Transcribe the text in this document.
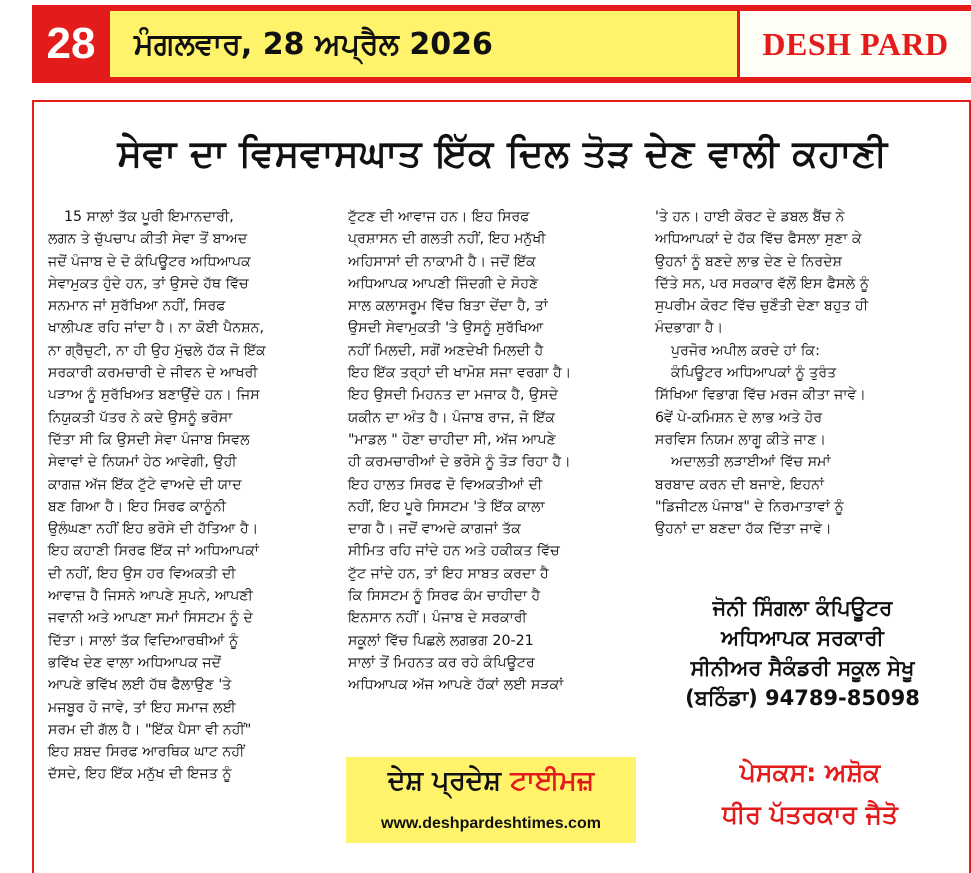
28	ਮੰਗਲਵਾਰ, 28 ਅਪ੍ਰੈਲ 2026	DESH PARD
ਸੇਵਾ ਦਾ ਵਿਸਵਾਸਘਾਤ ਇੱਕ ਦਿਲ ਤੋੜ ਦੇਣ ਵਾਲੀ ਕਹਾਣੀ

15 ਸਾਲਾਂ ਤੱਕ ਪੂਰੀ ਇਮਾਨਦਾਰੀ,

ਲਗਨ ਤੇ ਚੁੱਪਚਾਪ ਕੀਤੀ ਸੇਵਾ ਤੋਂ ਬਾਅਦ

ਜਦੋਂ ਪੰਜਾਬ ਦੇ ਦੋ ਕੰਪਿਊਟਰ ਅਧਿਆਪਕ

ਸੇਵਾਮੁਕਤ ਹੁੰਦੇ ਹਨ, ਤਾਂ ਉਸਦੇ ਹੱਥ ਵਿੱਚ

ਸਨਮਾਨ ਜਾਂ ਸੁਰੱਖਿਆ ਨਹੀਂ, ਸਿਰਫ

ਖਾਲੀਪਣ ਰਹਿ ਜਾਂਦਾ ਹੈ। ਨਾ ਕੋਈ ਪੈਨਸ਼ਨ,

ਨਾ ਗ੍ਰੈਚੁਟੀ, ਨਾ ਹੀ ਉਹ ਮੁੱਢਲੇ ਹੱਕ ਜੋ ਇੱਕ

ਸਰਕਾਰੀ ਕਰਮਚਾਰੀ ਦੇ ਜੀਵਨ ਦੇ ਆਖਰੀ

ਪੜਾਅ ਨੂੰ ਸੁਰੱਖਿਅਤ ਬਣਾਉਂਦੇ ਹਨ। ਜਿਸ

ਨਿਯੁਕਤੀ ਪੱਤਰ ਨੇ ਕਦੇ ਉਸਨੂੰ ਭਰੋਸਾ

ਦਿੱਤਾ ਸੀ ਕਿ ਉਸਦੀ ਸੇਵਾ ਪੰਜਾਬ ਸਿਵਲ

ਸੇਵਾਵਾਂ ਦੇ ਨਿਯਮਾਂ ਹੇਠ ਆਵੇਗੀ, ਉਹੀ

ਕਾਗਜ਼ ਅੱਜ ਇੱਕ ਟੁੱਟੇ ਵਾਅਦੇ ਦੀ ਯਾਦ

ਬਣ ਗਿਆ ਹੈ। ਇਹ ਸਿਰਫ ਕਾਨੂੰਨੀ

ਉਲੰਘਣਾ ਨਹੀਂ ਇਹ ਭਰੋਸੇ ਦੀ ਹੱਤਿਆ ਹੈ।

ਇਹ ਕਹਾਣੀ ਸਿਰਫ ਇੱਕ ਜਾਂ ਅਧਿਆਪਕਾਂ

ਦੀ ਨਹੀਂ, ਇਹ ਉਸ ਹਰ ਵਿਅਕਤੀ ਦੀ

ਆਵਾਜ਼ ਹੈ ਜਿਸਨੇ ਆਪਣੇ ਸੁਪਨੇ, ਆਪਣੀ

ਜਵਾਨੀ ਅਤੇ ਆਪਣਾ ਸਮਾਂ ਸਿਸਟਮ ਨੂੰ ਦੇ

ਦਿੱਤਾ। ਸਾਲਾਂ ਤੱਕ ਵਿਦਿਆਰਥੀਆਂ ਨੂੰ

ਭਵਿੱਖ ਦੇਣ ਵਾਲਾ ਅਧਿਆਪਕ ਜਦੋਂ

ਆਪਣੇ ਭਵਿੱਖ ਲਈ ਹੱਥ ਫੈਲਾਉਣ 'ਤੇ

ਮਜਬੂਰ ਹੋ ਜਾਵੇ, ਤਾਂ ਇਹ ਸਮਾਜ ਲਈ

ਸਰਮ ਦੀ ਗੱਲ ਹੈ। "ਇੱਕ ਪੈਸਾ ਵੀ ਨਹੀਂ"

ਇਹ ਸ਼ਬਦ ਸਿਰਫ ਆਰਥਿਕ ਘਾਟ ਨਹੀਂ

ਦੱਸਦੇ, ਇਹ ਇੱਕ ਮਨੁੱਖ ਦੀ ਇਜਤ ਨੂੰ

ਟੁੱਟਣ ਦੀ ਆਵਾਜ ਹਨ। ਇਹ ਸਿਰਫ

ਪ੍ਰਸ਼ਾਸਨ ਦੀ ਗਲਤੀ ਨਹੀਂ, ਇਹ ਮਨੁੱਖੀ

ਅਹਿਸਾਸਾਂ ਦੀ ਨਾਕਾਮੀ ਹੈ। ਜਦੋਂ ਇੱਕ

ਅਧਿਆਪਕ ਆਪਣੀ ਜਿੰਦਗੀ ਦੇ ਸੋਹਣੇ

ਸਾਲ ਕਲਾਸਰੂਮ ਵਿੱਚ ਬਿਤਾ ਦੇਂਦਾ ਹੈ, ਤਾਂ

ਉਸਦੀ ਸੇਵਾਮੁਕਤੀ 'ਤੇ ਉਸਨੂੰ ਸੁਰੱਖਿਆ

ਨਹੀਂ ਮਿਲਦੀ, ਸਗੋਂ ਅਣਦੇਖੀ ਮਿਲਦੀ ਹੈ

ਇਹ ਇੱਕ ਤਰ੍ਹਾਂ ਦੀ ਖਾਮੋਸ਼ ਸਜਾ ਵਰਗਾ ਹੈ।

ਇਹ ਉਸਦੀ ਮਿਹਨਤ ਦਾ ਮਜਾਕ ਹੈ, ਉਸਦੇ

ਯਕੀਨ ਦਾ ਅੰਤ ਹੈ। ਪੰਜਾਬ ਰਾਜ, ਜੋ ਇੱਕ

"ਮਾਡਲ " ਹੋਣਾ ਚਾਹੀਦਾ ਸੀ, ਅੱਜ ਆਪਣੇ

ਹੀ ਕਰਮਚਾਰੀਆਂ ਦੇ ਭਰੋਸੇ ਨੂੰ ਤੋੜ ਰਿਹਾ ਹੈ।

ਇਹ ਹਾਲਤ ਸਿਰਫ ਦੋ ਵਿਅਕਤੀਆਂ ਦੀ

ਨਹੀਂ, ਇਹ ਪੂਰੇ ਸਿਸਟਮ 'ਤੇ ਇੱਕ ਕਾਲਾ

ਦਾਗ ਹੈ। ਜਦੋਂ ਵਾਅਦੇ ਕਾਗਜਾਂ ਤੱਕ

ਸੀਮਿਤ ਰਹਿ ਜਾਂਦੇ ਹਨ ਅਤੇ ਹਕੀਕਤ ਵਿੱਚ

ਟੁੱਟ ਜਾਂਦੇ ਹਨ, ਤਾਂ ਇਹ ਸਾਬਤ ਕਰਦਾ ਹੈ

ਕਿ ਸਿਸਟਮ ਨੂੰ ਸਿਰਫ ਕੰਮ ਚਾਹੀਦਾ ਹੈ

ਇਨਸਾਨ ਨਹੀਂ। ਪੰਜਾਬ ਦੇ ਸਰਕਾਰੀ

ਸਕੂਲਾਂ ਵਿੱਚ ਪਿਛਲੇ ਲਗਭਗ 20-21

ਸਾਲਾਂ ਤੋਂ ਮਿਹਨਤ ਕਰ ਰਹੇ ਕੰਪਿਊਟਰ

ਅਧਿਆਪਕ ਅੱਜ ਆਪਣੇ ਹੱਕਾਂ ਲਈ ਸੜਕਾਂ

'ਤੇ ਹਨ। ਹਾਈ ਕੋਰਟ ਦੇ ਡਬਲ ਬੈਂਚ ਨੇ

ਅਧਿਆਪਕਾਂ ਦੇ ਹੱਕ ਵਿੱਚ ਫੈਸਲਾ ਸੁਣਾ ਕੇ

ਉਹਨਾਂ ਨੂੰ ਬਣਦੇ ਲਾਭ ਦੇਣ ਦੇ ਨਿਰਦੇਸ਼

ਦਿੱਤੇ ਸਨ, ਪਰ ਸਰਕਾਰ ਵੱਲੋਂ ਇਸ ਫੈਸਲੇ ਨੂੰ

ਸੁਪਰੀਮ ਕੋਰਟ ਵਿੱਚ ਚੁਣੌਤੀ ਦੇਣਾ ਬਹੁਤ ਹੀ

ਮੰਦਭਾਗਾ ਹੈ।

ਪੁਰਜੋਰ ਅਪੀਲ ਕਰਦੇ ਹਾਂ ਕਿ:

ਕੰਪਿਊਟਰ ਅਧਿਆਪਕਾਂ ਨੂੰ ਤੁਰੰਤ

ਸਿੱਖਿਆ ਵਿਭਾਗ ਵਿੱਚ ਮਰਜ ਕੀਤਾ ਜਾਵੇ।

6ਵੇਂ ਪੇ-ਕਮਿਸ਼ਨ ਦੇ ਲਾਭ ਅਤੇ ਹੋਰ

ਸਰਵਿਸ ਨਿਯਮ ਲਾਗੂ ਕੀਤੇ ਜਾਣ।

ਅਦਾਲਤੀ ਲੜਾਈਆਂ ਵਿੱਚ ਸਮਾਂ

ਬਰਬਾਦ ਕਰਨ ਦੀ ਬਜਾਏ, ਇਹਨਾਂ

"ਡਿਜੀਟਲ ਪੰਜਾਬ" ਦੇ ਨਿਰਮਾਤਾਵਾਂ ਨੂੰ

ਉਹਨਾਂ ਦਾ ਬਣਦਾ ਹੱਕ ਦਿੱਤਾ ਜਾਵੇ।

ਜੋਨੀ ਸਿੰਗਲਾ ਕੰਪਿਊਟਰ
ਅਧਿਆਪਕ ਸਰਕਾਰੀ
ਸੀਨੀਅਰ ਸੈਕੰਡਰੀ ਸਕੂਲ ਸੇਖੂ
(ਬਠਿੰਡਾ) 94789-85098
ਪੇਸਕਸ: ਅਸ਼ੋਕ
ਧੀਰ ਪੱਤਰਕਾਰ ਜੈਤੋ
ਦੇਸ਼ ਪ੍ਰਦੇਸ਼ ਟਾਈਮਜ਼
www.deshpardeshtimes.com
